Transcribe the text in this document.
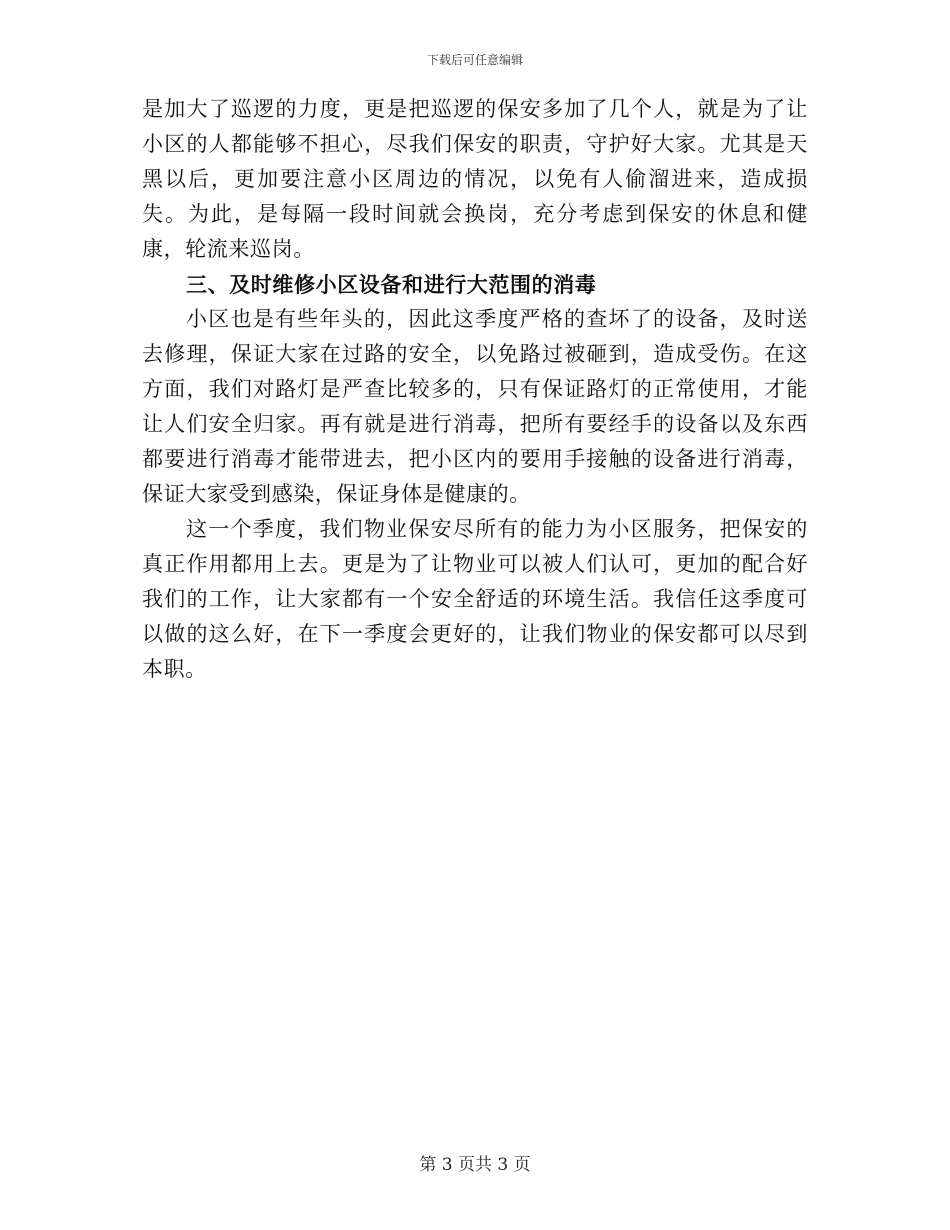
下载后可任意编辑

是加大了巡逻的力度，更是把巡逻的保安多加了几个人，就是为了让小区的人都能够不担心，尽我们保安的职责，守护好大家。尤其是天黑以后，更加要注意小区周边的情况，以免有人偷溜进来，造成损失。为此，是每隔一段时间就会换岗，充分考虑到保安的休息和健康，轮流来巡岗。

三、及时维修小区设备和进行大范围的消毒

小区也是有些年头的，因此这季度严格的查坏了的设备，及时送去修理，保证大家在过路的安全，以免路过被砸到，造成受伤。在这方面，我们对路灯是严查比较多的，只有保证路灯的正常使用，才能让人们安全归家。再有就是进行消毒，把所有要经手的设备以及东西都要进行消毒才能带进去，把小区内的要用手接触的设备进行消毒，保证大家受到感染，保证身体是健康的。

这一个季度，我们物业保安尽所有的能力为小区服务，把保安的真正作用都用上去。更是为了让物业可以被人们认可，更加的配合好我们的工作，让大家都有一个安全舒适的环境生活。我信任这季度可以做的这么好，在下一季度会更好的，让我们物业的保安都可以尽到本职。

第 3 页共 3 页
